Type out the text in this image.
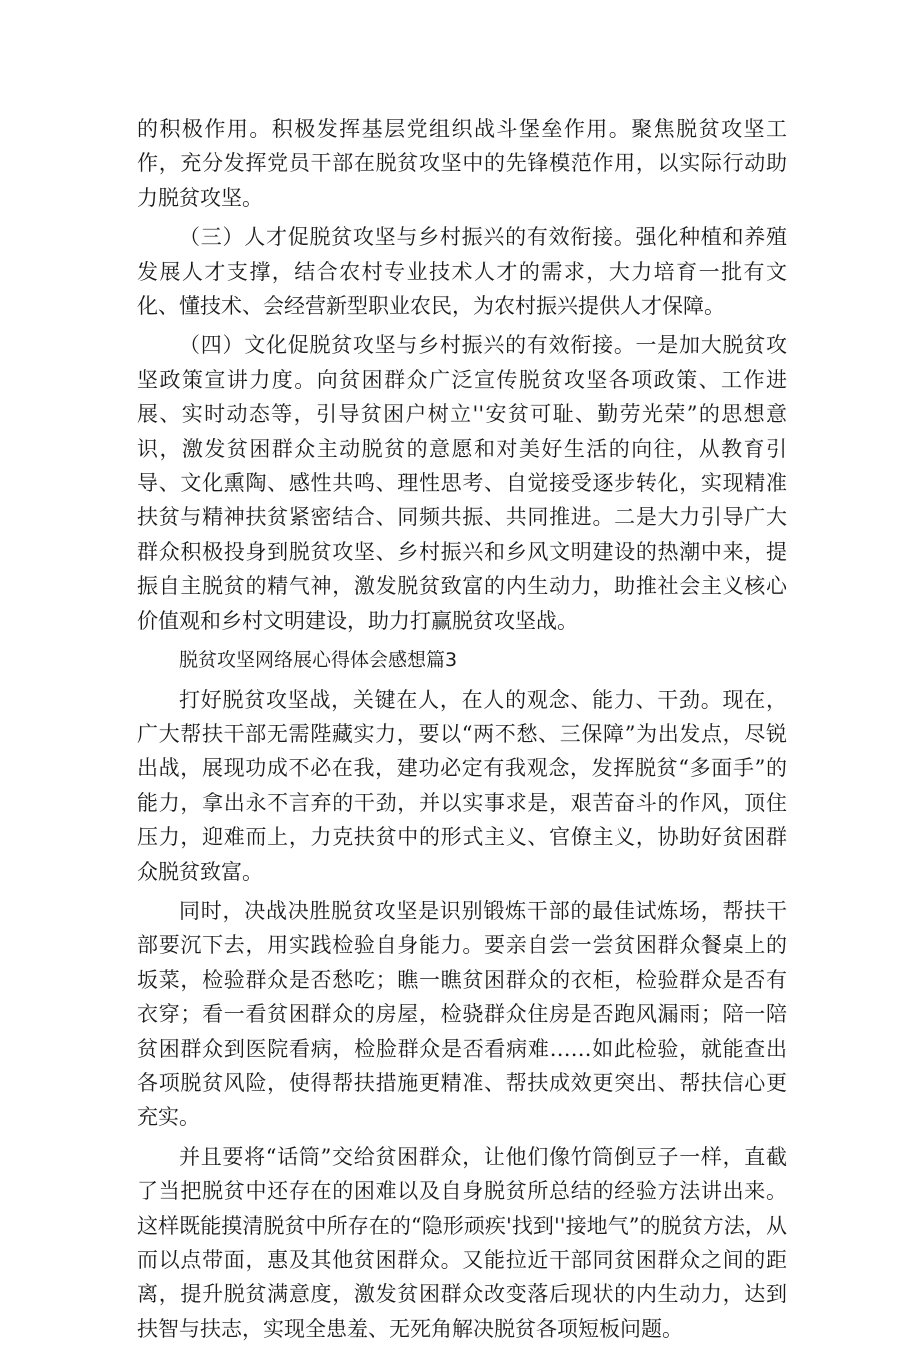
的积极作用。积极发挥基层党组织战斗堡垒作用。聚焦脱贫攻坚工作，充分发挥党员干部在脱贫攻坚中的先锋模范作用，以实际行动助力脱贫攻坚。

（三）人才促脱贫攻坚与乡村振兴的有效衔接。强化种植和养殖发展人才支撑，结合农村专业技术人才的需求，大力培育一批有文化、懂技术、会经营新型职业农民，为农村振兴提供人才保障。

（四）文化促脱贫攻坚与乡村振兴的有效衔接。一是加大脱贫攻坚政策宣讲力度。向贫困群众广泛宣传脱贫攻坚各项政策、工作进展、实时动态等，引导贫困户树立''安贫可耻、勤劳光荣”的思想意识，激发贫困群众主动脱贫的意愿和对美好生活的向往，从教育引导、文化熏陶、感性共鸣、理性思考、自觉接受逐步转化，实现精准扶贫与精神扶贫紧密结合、同频共振、共同推进。二是大力引导广大群众积极投身到脱贫攻坚、乡村振兴和乡风文明建设的热潮中来，提振自主脱贫的精气神，激发脱贫致富的内生动力，助推社会主义核心价值观和乡村文明建设，助力打赢脱贫攻坚战。

脱贫攻坚网络展心得体会感想篇3

打好脱贫攻坚战，关键在人，在人的观念、能力、干劲。现在，广大帮扶干部无需陛藏实力，要以“两不愁、三保障”为出发点，尽锐出战，展现功成不必在我，建功必定有我观念，发挥脱贫“多面手”的能力，拿出永不言弃的干劲，并以实事求是，艰苦奋斗的作风，顶住压力，迎难而上，力克扶贫中的形式主义、官僚主义，协助好贫困群众脱贫致富。

同时，决战决胜脱贫攻坚是识别锻炼干部的最佳试炼场，帮扶干部要沉下去，用实践检验自身能力。要亲自尝一尝贫困群众餐桌上的坂菜，检验群众是否愁吃；瞧一瞧贫困群众的衣柜，检验群众是否有衣穿；看一看贫困群众的房屋，检骁群众住房是否跑风漏雨；陪一陪贫困群众到医院看病，检脸群众是否看病难……如此检验，就能查出各项脱贫风险，使得帮扶措施更精准、帮扶成效更突出、帮扶信心更充实。

并且要将“话筒”交给贫困群众，让他们像竹筒倒豆子一样，直截了当把脱贫中还存在的困难以及自身脱贫所总结的经验方法讲出来。这样既能摸清脱贫中所存在的“隐形顽疾'找到''接地气”的脱贫方法，从而以点带面，惠及其他贫困群众。又能拉近干部同贫困群众之间的距离，提升脱贫满意度，激发贫困群众改变落后现状的内生动力，达到扶智与扶志，实现全患羞、无死角解决脱贫各项短板问题。
